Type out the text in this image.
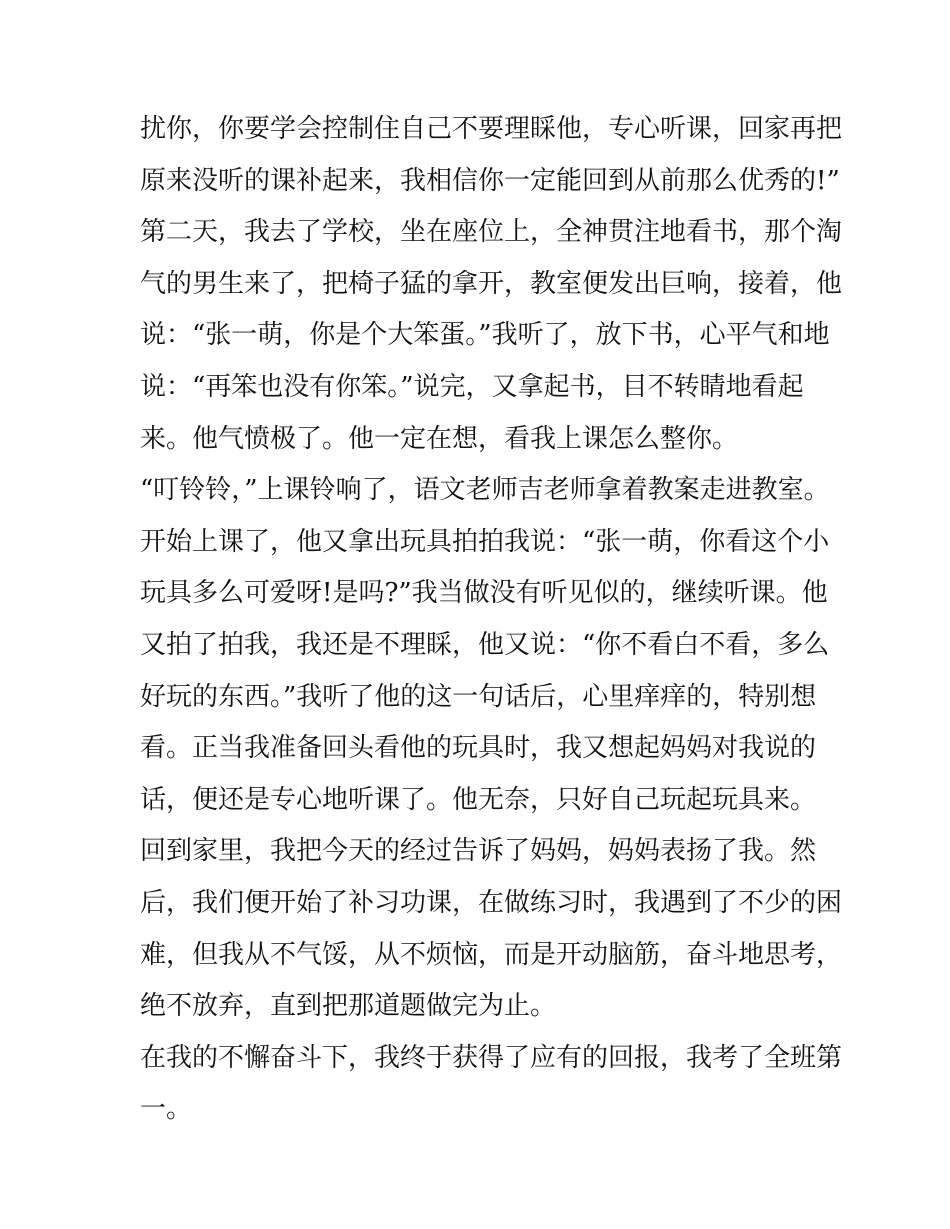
扰你，你要学会控制住自己不要理睬他，专心听课，回家再把
原来没听的课补起来，我相信你一定能回到从前那么优秀的!”
第二天，我去了学校，坐在座位上，全神贯注地看书，那个淘
气的男生来了，把椅子猛的拿开，教室便发出巨响，接着，他
说：“张一萌，你是个大笨蛋。”我听了，放下书，心平气和地
说：“再笨也没有你笨。”说完，又拿起书，目不转睛地看起
来。他气愤极了。他一定在想，看我上课怎么整你。
“叮铃铃，”上课铃响了，语文老师吉老师拿着教案走进教室。
开始上课了，他又拿出玩具拍拍我说：“张一萌，你看这个小
玩具多么可爱呀!是吗?”我当做没有听见似的，继续听课。他
又拍了拍我，我还是不理睬，他又说：“你不看白不看，多么
好玩的东西。”我听了他的这一句话后，心里痒痒的，特别想
看。正当我准备回头看他的玩具时，我又想起妈妈对我说的
话，便还是专心地听课了。他无奈，只好自己玩起玩具来。
回到家里，我把今天的经过告诉了妈妈，妈妈表扬了我。然
后，我们便开始了补习功课，在做练习时，我遇到了不少的困
难，但我从不气馁，从不烦恼，而是开动脑筋，奋斗地思考，
绝不放弃，直到把那道题做完为止。
在我的不懈奋斗下，我终于获得了应有的回报，我考了全班第
一。
